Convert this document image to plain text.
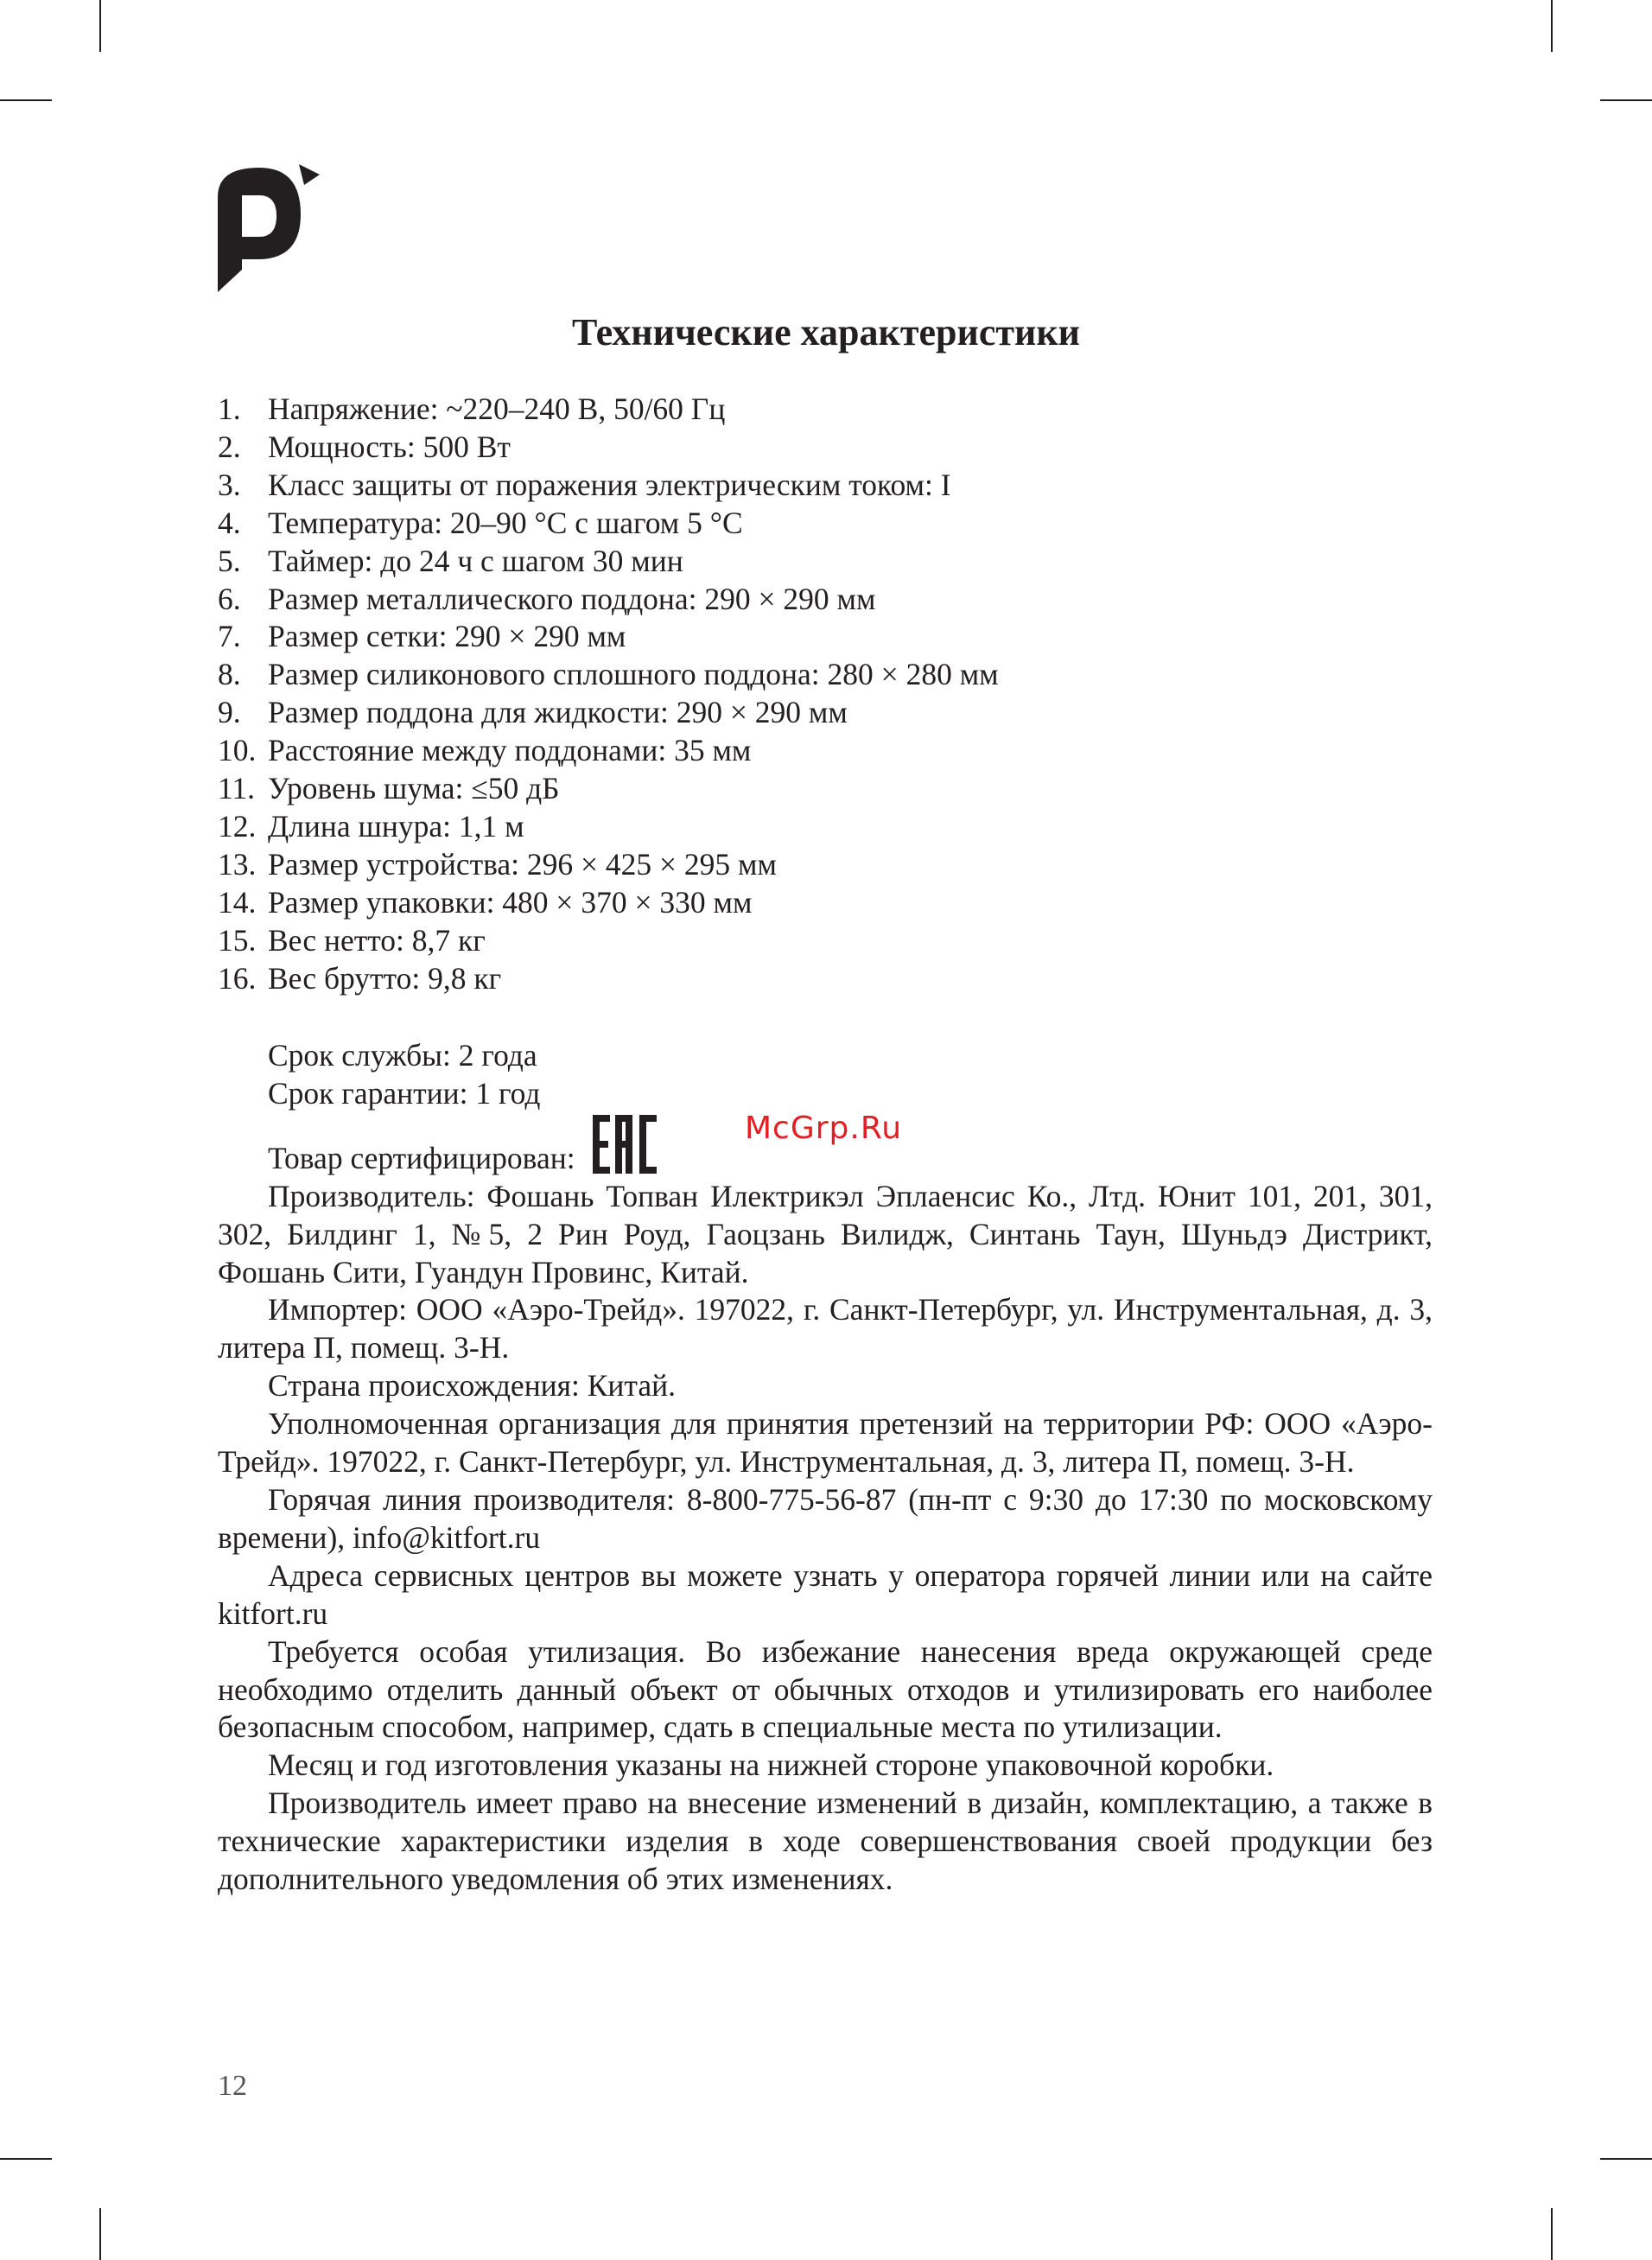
Технические характеристики
1. Напряжение: ~220–240 В, 50/60 Гц
2. Мощность: 500 Вт
3. Класс защиты от поражения электрическим током: I
4. Температура: 20–90 °С с шагом 5 °С
5. Таймер: до 24 ч с шагом 30 мин
6. Размер металлического поддона: 290 × 290 мм
7. Размер сетки: 290 × 290 мм
8. Размер силиконового сплошного поддона: 280 × 280 мм
9. Размер поддона для жидкости: 290 × 290 мм
10. Расстояние между поддонами: 35 мм
11. Уровень шума: ≤50 дБ
12. Длина шнура: 1,1 м
13. Размер устройства: 296 × 425 × 295 мм
14. Размер упаковки: 480 × 370 × 330 мм
15. Вес нетто: 8,7 кг
16. Вес брутто: 9,8 кг

Срок службы: 2 года

Срок гарантии: 1 год

Товар сертифицирован:

Производитель: Фошань Топван Илектрикэл Эплаенсис Ко., Лтд. Юнит 101, 201, 301, 302, Билдинг 1, №5, 2 Рин Роуд, Гаоцзань Вилидж, Синтань Таун, Шуньдэ Дистрикт, Фошань Сити, Гуандун Провинс, Китай.

Импортер: ООО «Аэро-Трейд». 197022, г. Санкт-Петербург, ул. Инструментальная, д. 3, литера П, помещ. 3-Н.

Страна происхождения: Китай.

Уполномоченная организация для принятия претензий на территории РФ: ООО «Аэро-Трейд». 197022, г. Санкт-Петербург, ул. Инструментальная, д. 3, литера П, помещ. 3-Н.

Горячая линия производителя: 8-800-775-56-87 (пн-пт с 9:30 до 17:30 по московскому времени), info@kitfort.ru

Адреса сервисных центров вы можете узнать у оператора горячей линии или на сайте kitfort.ru

Требуется особая утилизация. Во избежание нанесения вреда окружающей среде необходимо отделить данный объект от обычных отходов и утилизировать его наиболее безопасным способом, например, сдать в специальные места по утилизации.

Месяц и год изготовления указаны на нижней стороне упаковочной коробки.

Производитель имеет право на внесение изменений в дизайн, комплектацию, а также в технические характеристики изделия в ходе совершенствования своей продукции без дополнительного уведомления об этих изменениях.

McGrp.Ru
12
